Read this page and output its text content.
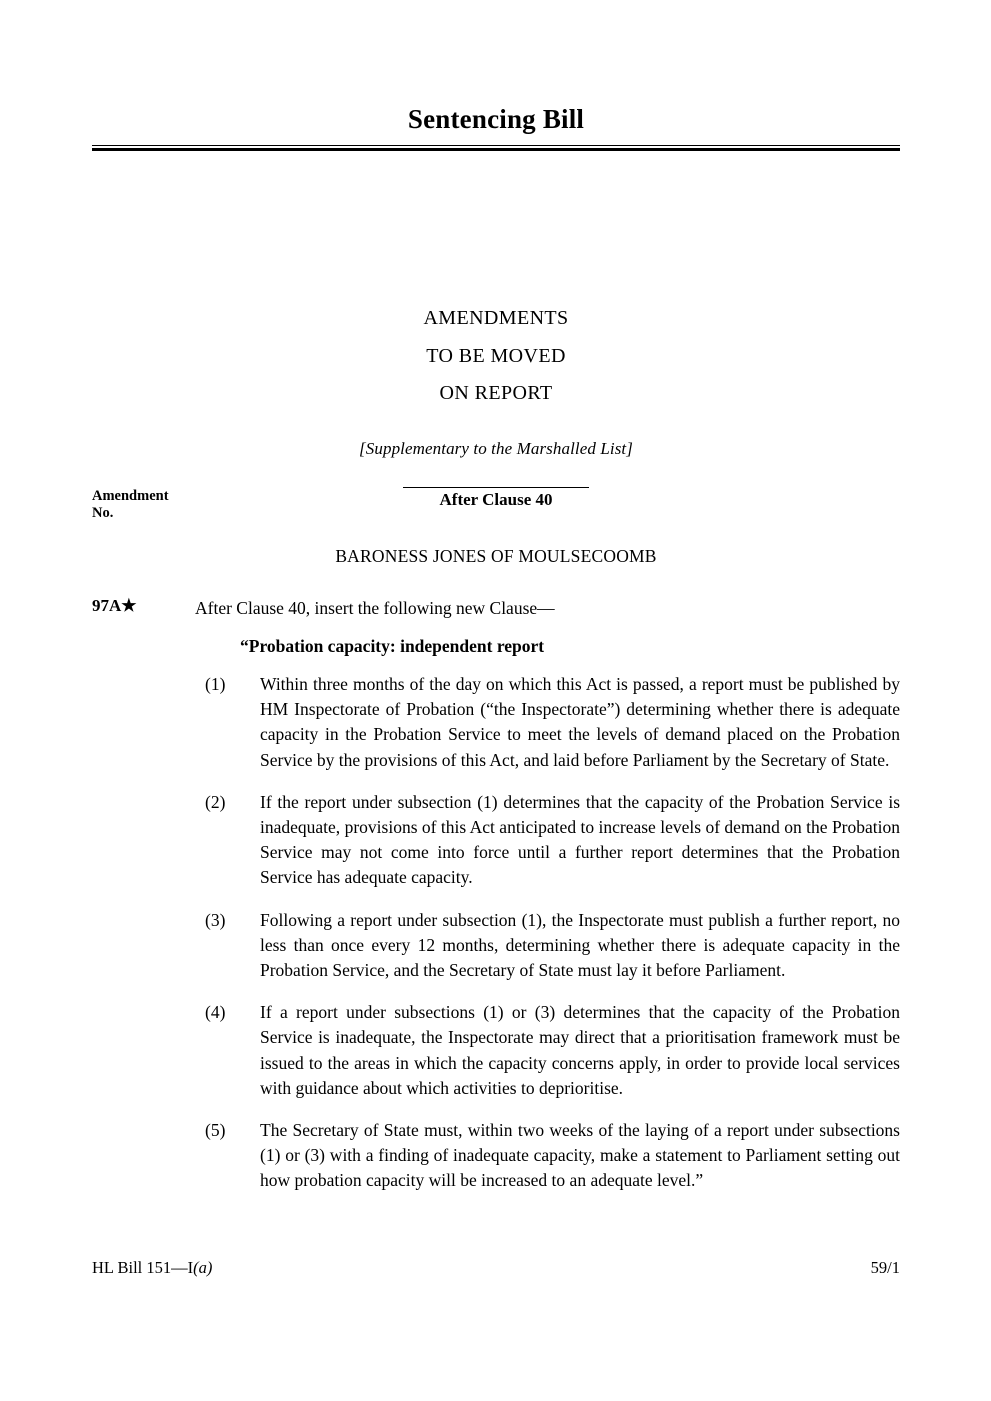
Sentencing Bill
AMENDMENTS
TO BE MOVED
ON REPORT
[Supplementary to the Marshalled List]
Amendment
No.
After Clause 40
BARONESS JONES OF MOULSECOOMB
97A★	After Clause 40, insert the following new Clause—
“Probation capacity: independent report
(1)	Within three months of the day on which this Act is passed, a report must be published by HM Inspectorate of Probation (“the Inspectorate”) determining whether there is adequate capacity in the Probation Service to meet the levels of demand placed on the Probation Service by the provisions of this Act, and laid before Parliament by the Secretary of State.
(2)	If the report under subsection (1) determines that the capacity of the Probation Service is inadequate, provisions of this Act anticipated to increase levels of demand on the Probation Service may not come into force until a further report determines that the Probation Service has adequate capacity.
(3)	Following a report under subsection (1), the Inspectorate must publish a further report, no less than once every 12 months, determining whether there is adequate capacity in the Probation Service, and the Secretary of State must lay it before Parliament.
(4)	If a report under subsections (1) or (3) determines that the capacity of the Probation Service is inadequate, the Inspectorate may direct that a prioritisation framework must be issued to the areas in which the capacity concerns apply, in order to provide local services with guidance about which activities to deprioritise.
(5)	The Secretary of State must, within two weeks of the laying of a report under subsections (1) or (3) with a finding of inadequate capacity, make a statement to Parliament setting out how probation capacity will be increased to an adequate level.”
HL Bill 151—I(a)	59/1
